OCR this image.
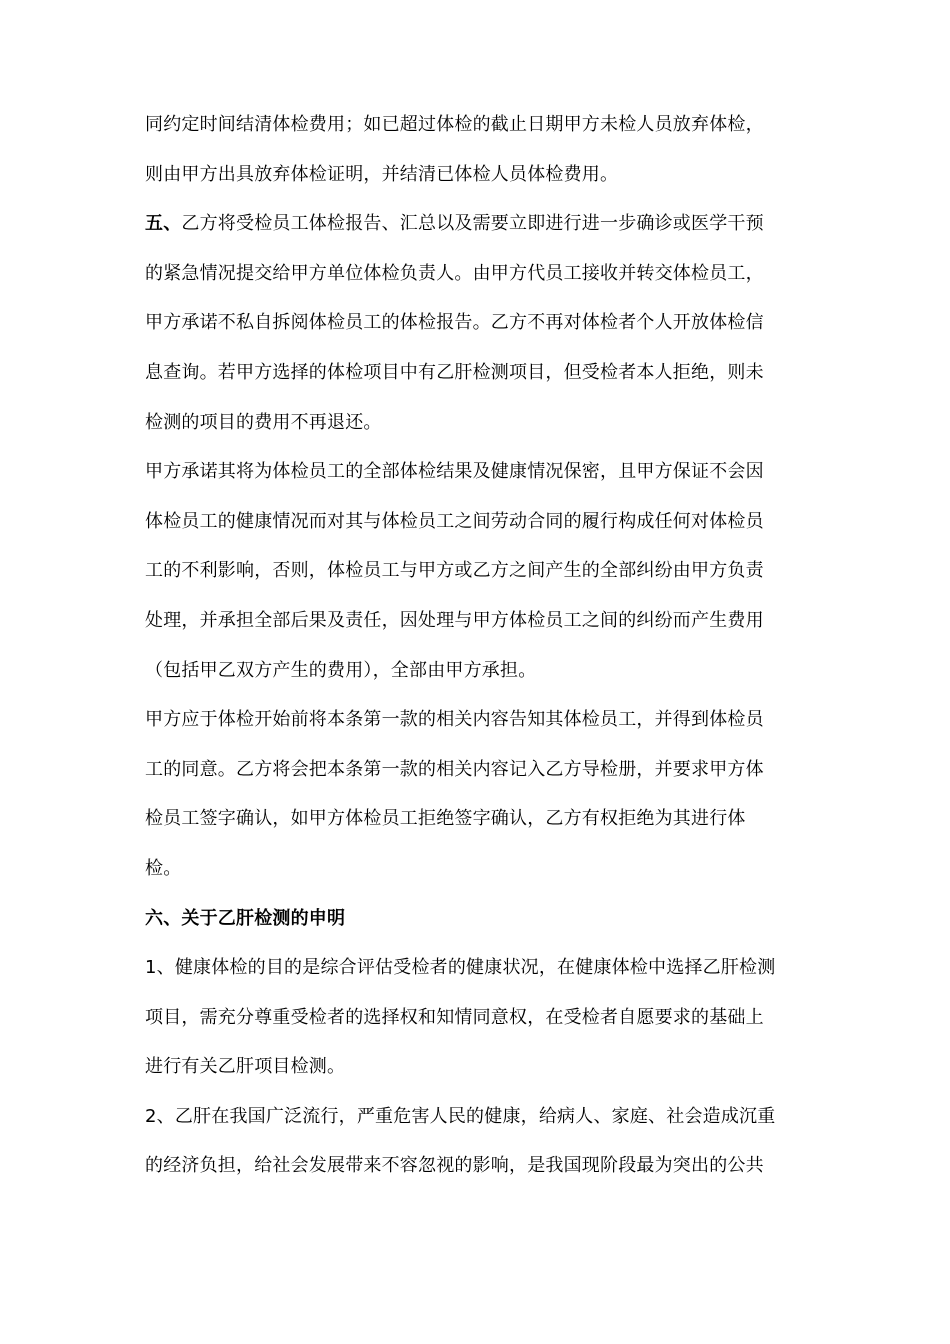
同约定时间结清体检费用；如已超过体检的截止日期甲方未检人员放弃体检，
则由甲方出具放弃体检证明，并结清已体检人员体检费用。
五、乙方将受检员工体检报告、汇总以及需要立即进行进一步确诊或医学干预
的紧急情况提交给甲方单位体检负责人。由甲方代员工接收并转交体检员工，
甲方承诺不私自拆阅体检员工的体检报告。乙方不再对体检者个人开放体检信
息查询。若甲方选择的体检项目中有乙肝检测项目，但受检者本人拒绝，则未
检测的项目的费用不再退还。
甲方承诺其将为体检员工的全部体检结果及健康情况保密，且甲方保证不会因
体检员工的健康情况而对其与体检员工之间劳动合同的履行构成任何对体检员
工的不利影响，否则，体检员工与甲方或乙方之间产生的全部纠纷由甲方负责
处理，并承担全部后果及责任，因处理与甲方体检员工之间的纠纷而产生费用
（包括甲乙双方产生的费用），全部由甲方承担。
甲方应于体检开始前将本条第一款的相关内容告知其体检员工，并得到体检员
工的同意。乙方将会把本条第一款的相关内容记入乙方导检册，并要求甲方体
检员工签字确认，如甲方体检员工拒绝签字确认，乙方有权拒绝为其进行体
检。
六、关于乙肝检测的申明
1、健康体检的目的是综合评估受检者的健康状况，在健康体检中选择乙肝检测
项目，需充分尊重受检者的选择权和知情同意权，在受检者自愿要求的基础上
进行有关乙肝项目检测。
2、乙肝在我国广泛流行，严重危害人民的健康，给病人、家庭、社会造成沉重
的经济负担，给社会发展带来不容忽视的影响，是我国现阶段最为突出的公共
